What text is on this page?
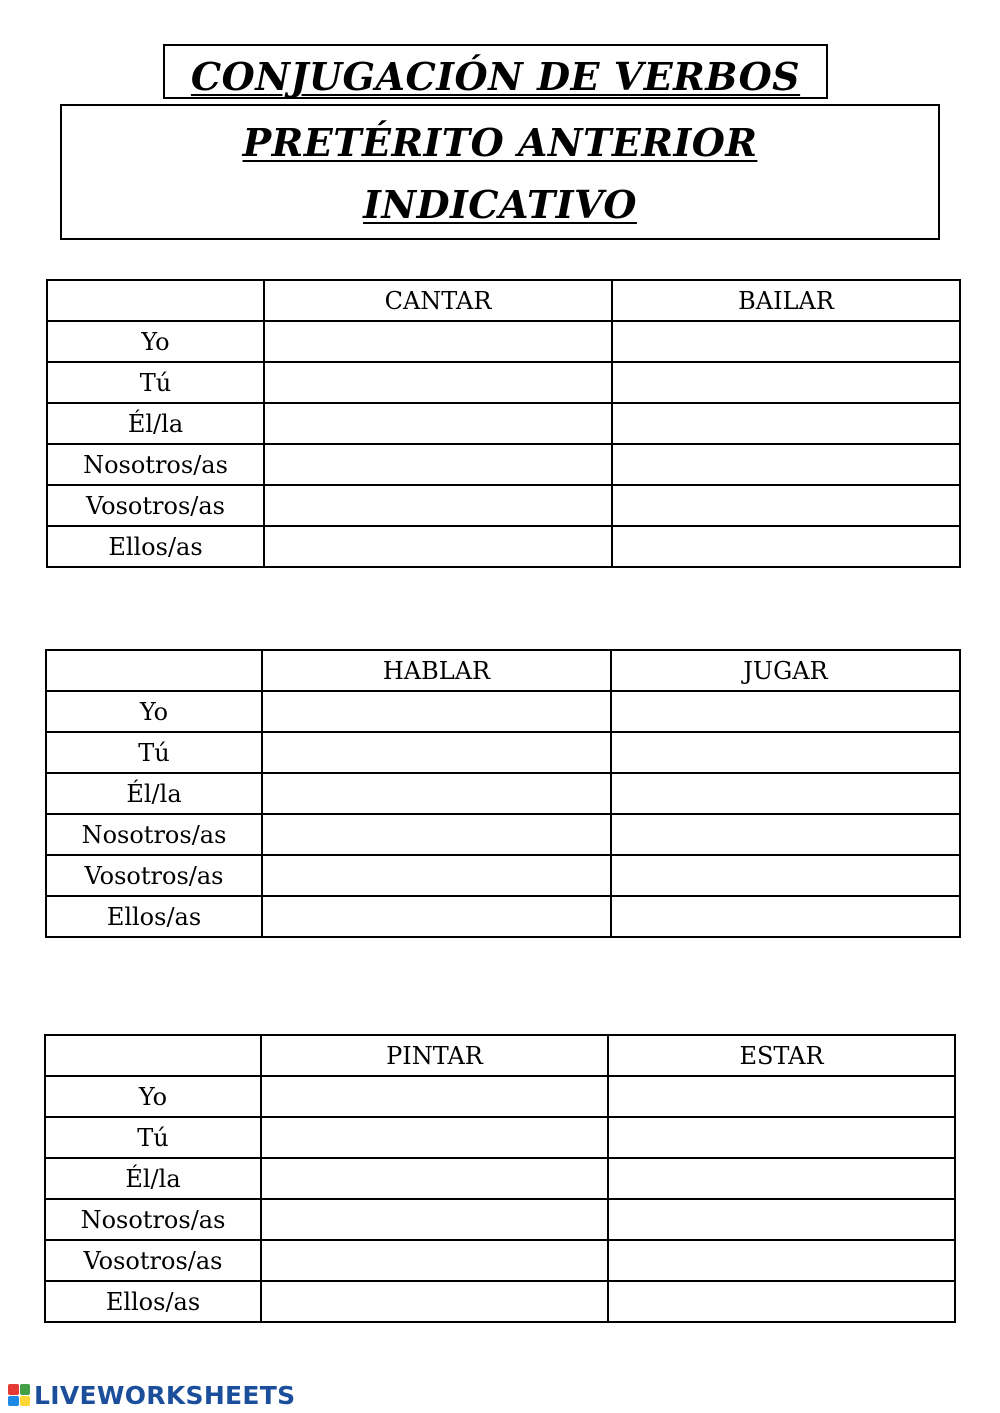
CONJUGACIÓN DE VERBOS
PRETÉRITO ANTERIOR
INDICATIVO
	CANTAR	BAILAR
Yo		
Tú		
Él/la		
Nosotros/as		
Vosotros/as		
Ellos/as		
	HABLAR	JUGAR
Yo		
Tú		
Él/la		
Nosotros/as		
Vosotros/as		
Ellos/as		
	PINTAR	ESTAR
Yo		
Tú		
Él/la		
Nosotros/as		
Vosotros/as		
Ellos/as		
LIVEWORKSHEETS
